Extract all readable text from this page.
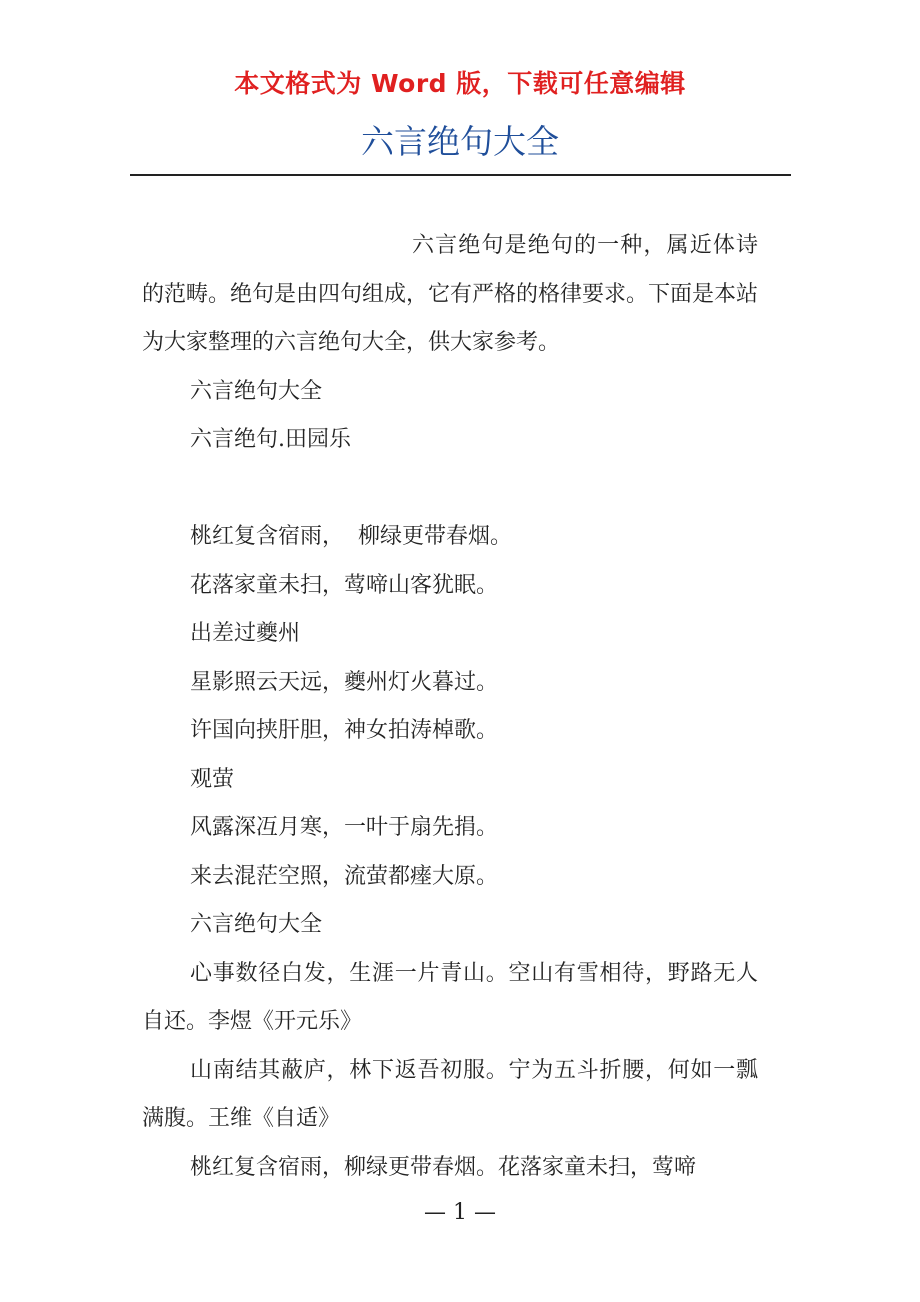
本文格式为 Word 版，下载可任意编辑
六言绝句大全

六言绝句是绝句的一种，属近体诗的范畴。绝句是由四句组成，它有严格的格律要求。下面是本站为大家整理的六言绝句大全，供大家参考。

六言绝句大全

六言绝句.田园乐

桃红复含宿雨，  柳绿更带春烟。

花落家童未扫，莺啼山客犹眠。

出差过夔州

星影照云天远，夔州灯火暮过。

许国向挟肝胆，神女拍涛棹歌。

观萤

风露深冱月寒，一叶于扇先捐。

来去混茫空照，流萤都瘗大原。

六言绝句大全

心事数径白发，生涯一片青山。空山有雪相待，野路无人自还。李煜《开元乐》

山南结其蔽庐，林下返吾初服。宁为五斗折腰，何如一瓢满腹。王维《自适》

桃红复含宿雨，柳绿更带春烟。花落家童未扫，莺啼

— 1 —
